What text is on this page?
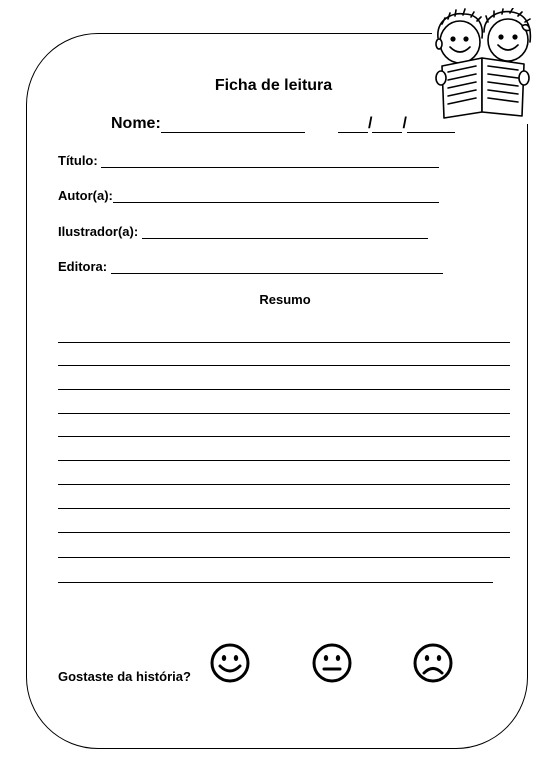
Ficha de leitura
Nome:	/ /
Título:
Autor(a):
Ilustrador(a):
Editora:
Resumo
Gostaste da história?
